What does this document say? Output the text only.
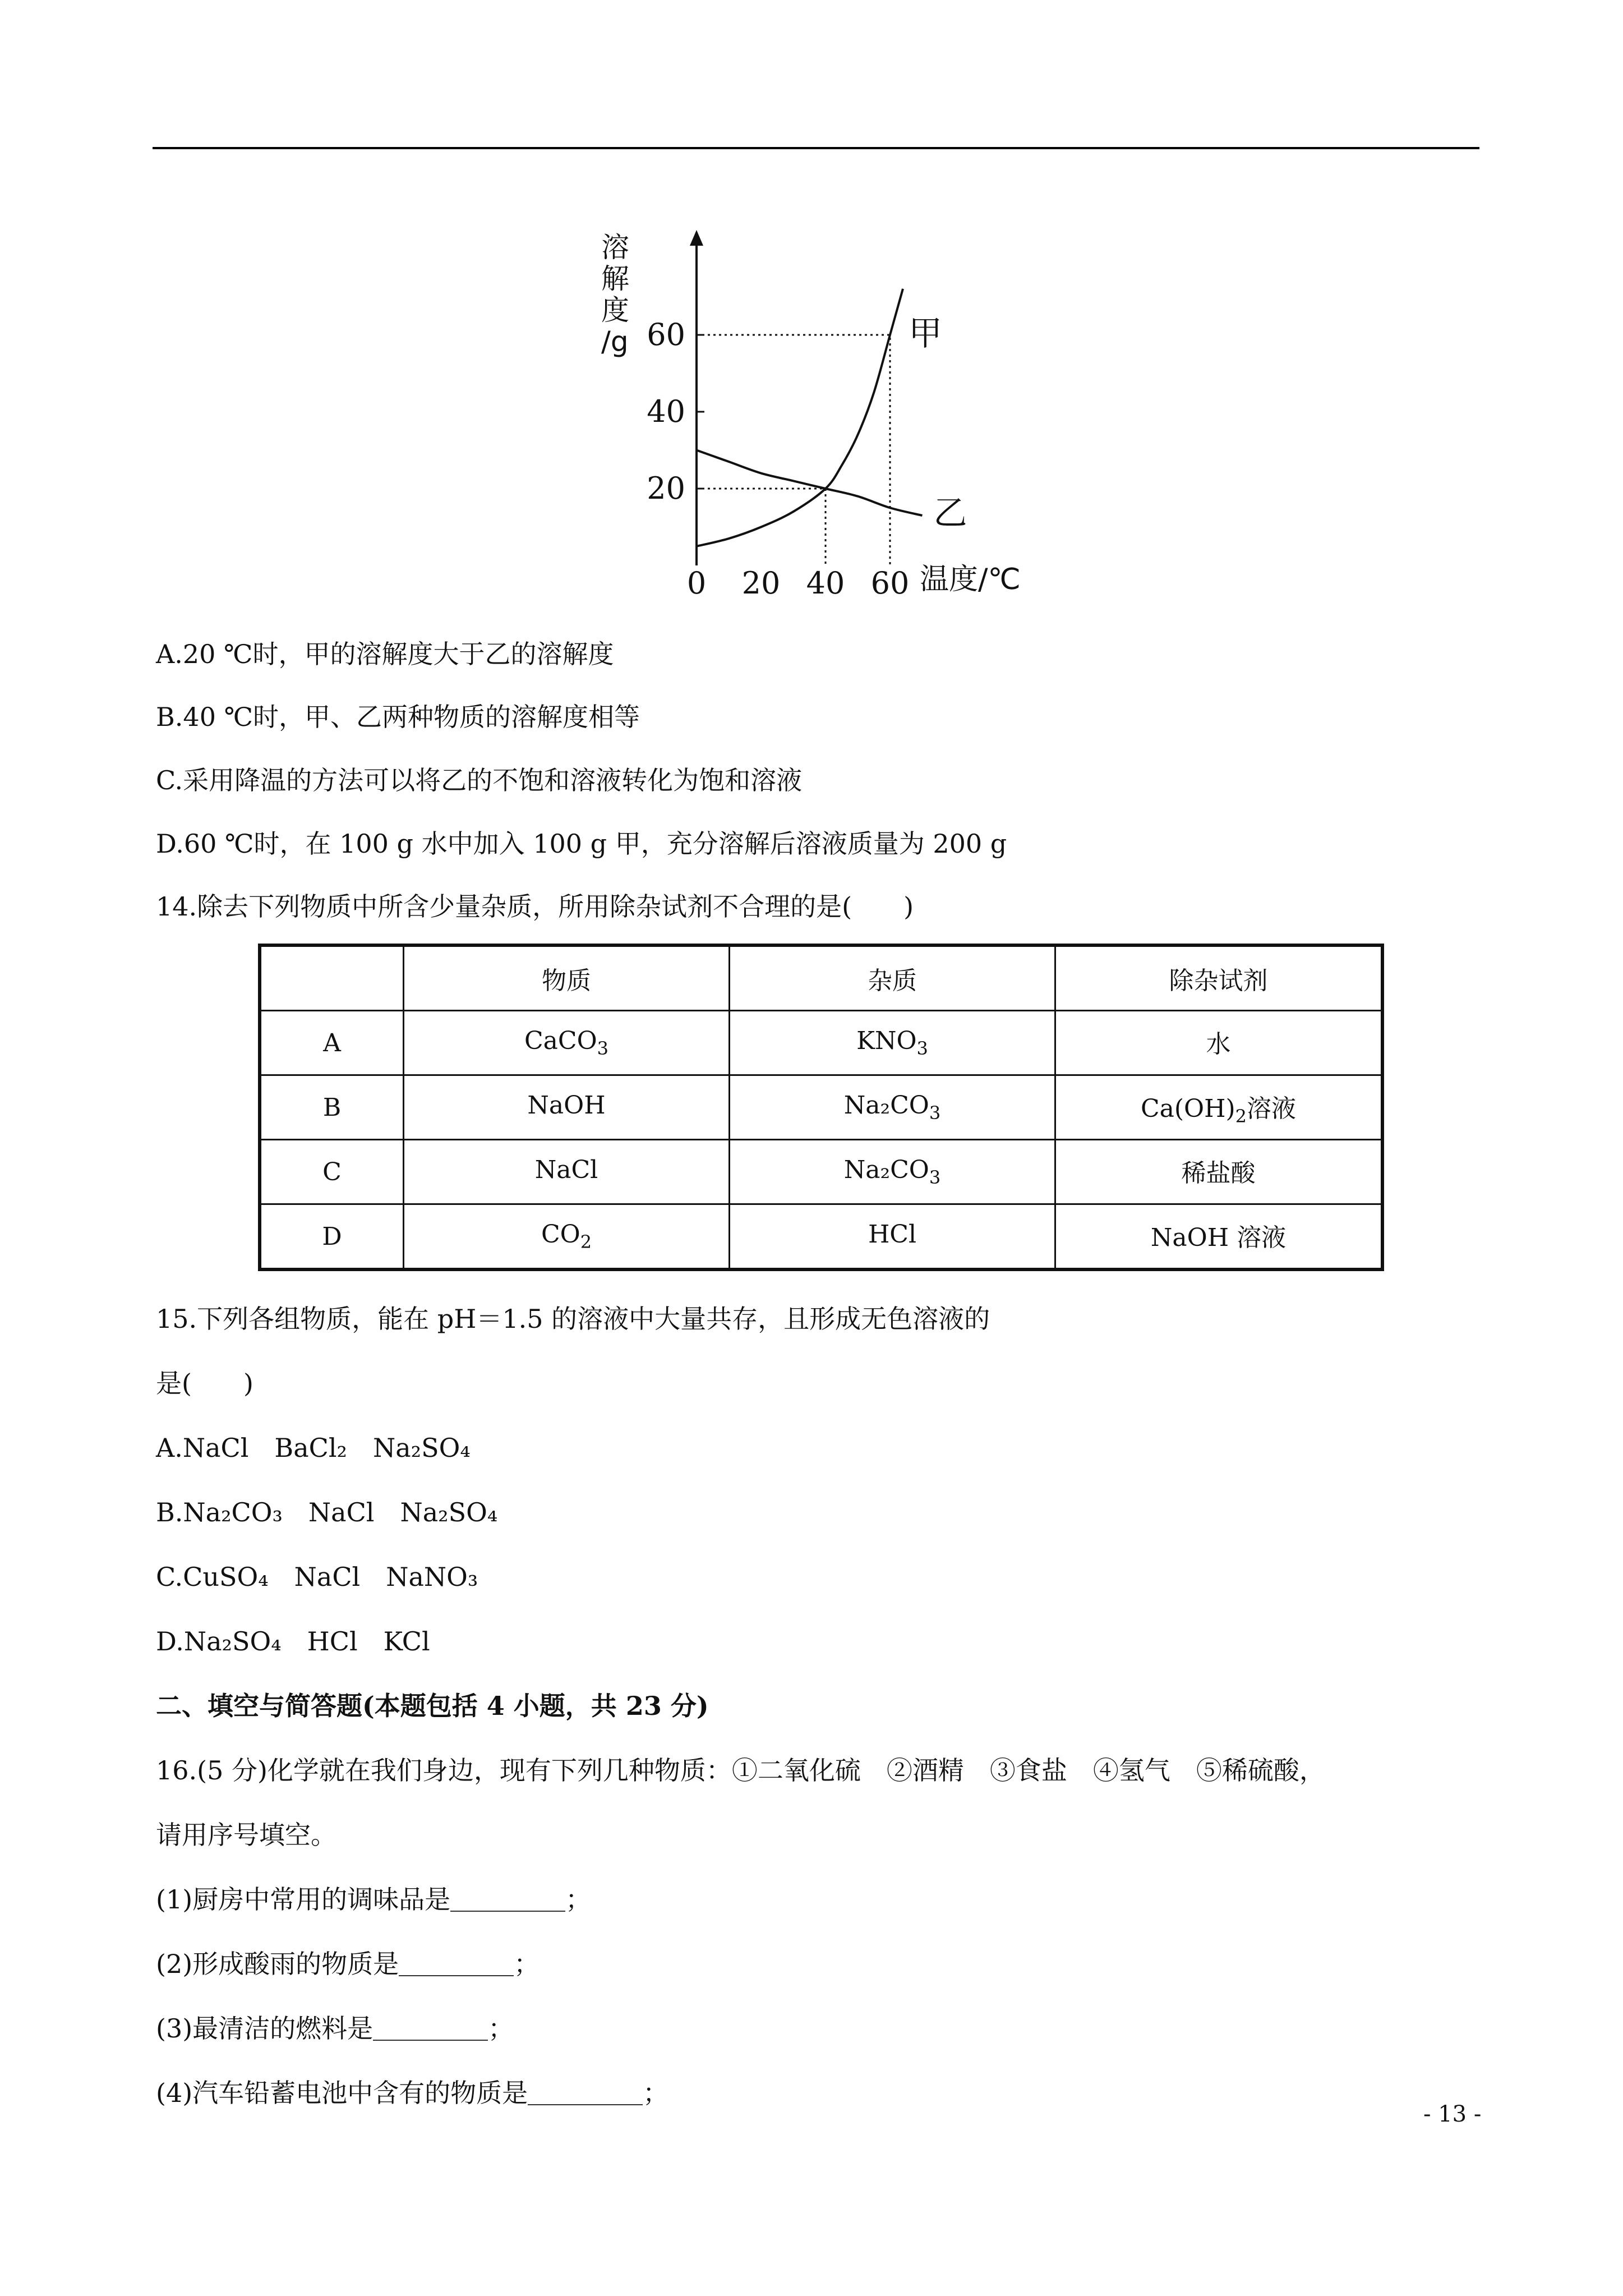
溶
解
度
/g
20
40
60
0 20 40 60
甲
乙
温度/℃
A.20 ℃时，甲的溶解度大于乙的溶解度
B.40 ℃时，甲、乙两种物质的溶解度相等
C.采用降温的方法可以将乙的不饱和溶液转化为饱和溶液
D.60 ℃时，在 100 g 水中加入 100 g 甲，充分溶解后溶液质量为 200 g
14.除去下列物质中所含少量杂质，所用除杂试剂不合理的是(　　)
	物质	杂质	除杂试剂
A	CaCO$_3$	$KNO_3$	水
B	NaOH	$Na_2CO_3$	$Ca(OH)_2$溶液
C	NaCl	$Na_2CO_3$	稀盐酸
D	$CO_2$	HCl	NaOH 溶液
15.下列各组物质，能在 pH＝1.5 的溶液中大量共存，且形成无色溶液的
是(　　)
A.NaCl　BaCl₂　Na₂SO₄
B.Na₂CO₃　NaCl　Na₂SO₄
C.CuSO₄　NaCl　NaNO₃
D.Na₂SO₄　HCl　KCl
二、填空与简答题(本题包括 4 小题，共 23 分)
16.(5 分)化学就在我们身边，现有下列几种物质：①二氧化硫　②酒精　③食盐　④氢气　⑤稀硫酸，
请用序号填空。
(1)厨房中常用的调味品是	；
(2)形成酸雨的物质是	；
(3)最清洁的燃料是	；
(4)汽车铅蓄电池中含有的物质是	；
- 13 -
